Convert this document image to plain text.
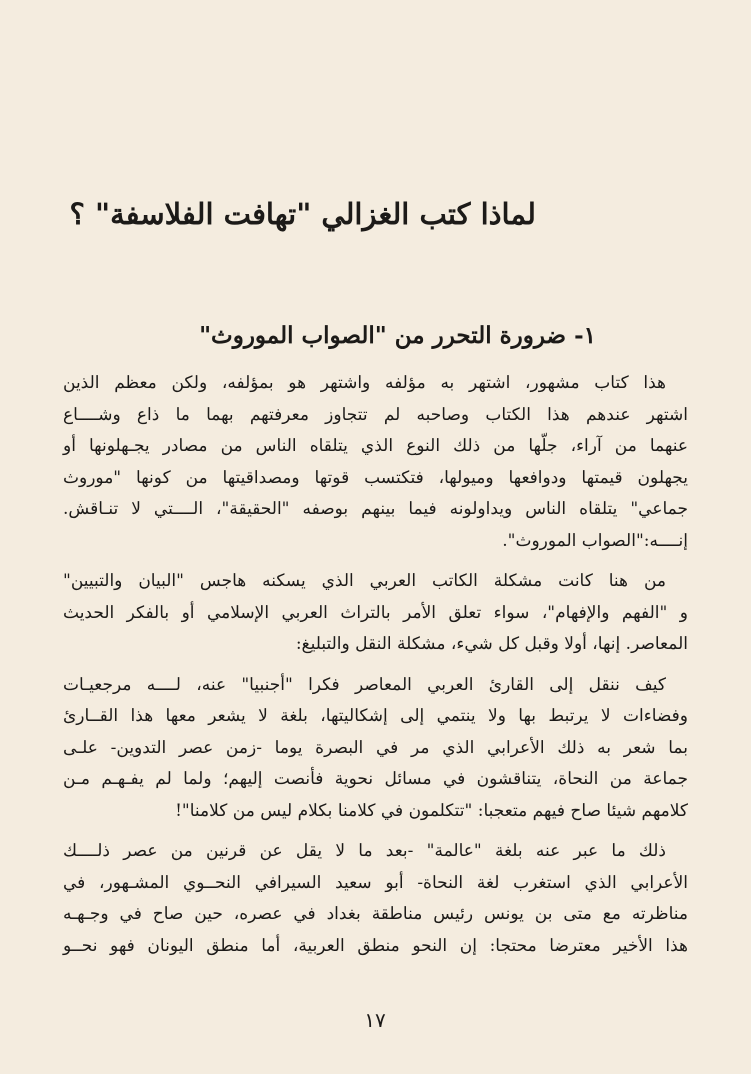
لماذا كتب الغزالي "تهافت الفلاسفة" ؟
١- ضرورة التحرر من "الصواب الموروث"
هذا كتاب مشهور، اشتهر به مؤلفه واشتهر هو بمؤلفه، ولكن معظم الذين
اشتهر عندهم هذا الكتاب وصاحبه لم تتجاوز معرفتهم بهما ما ذاع وشــــاع
عنهما من آراء، جلّها من ذلك النوع الذي يتلقاه الناس من مصادر يجـهلونها أو
يجهلون قيمتها ودوافعها وميولها، فتكتسب قوتها ومصداقيتها من كونها "موروث
جماعي" يتلقاه الناس ويداولونه فيما بينهم بوصفه "الحقيقة"، الــــتي لا تنـاقش.
إنــــه:"الصواب الموروث".
من هنا كانت مشكلة الكاتب العربي الذي يسكنه هاجس "البيان والتبيين"
و "الفهم والإفهام"، سواء تعلق الأمر بالتراث العربي الإسلامي أو بالفكر الحديث
المعاصر. إنها، أولا وقبل كل شيء، مشكلة النقل والتبليغ:
كيف ننقل إلى القارئ العربي المعاصر فكرا "أجنبيا" عنه، لــــه مرجعيـات
وفضاءات لا يرتبط بها ولا ينتمي إلى إشكاليتها، بلغة لا يشعر معها هذا القــارئ
بما شعر به ذلك الأعرابي الذي مر في البصرة يوما -زمن عصر التدوين- علـى
جماعة من النحاة، يتناقشون في مسائل نحوية فأنصت إليهم؛ ولما لم يفـهـم مـن
كلامهم شيئا صاح فيهم متعجبا: "تتكلمون في كلامنا بكلام ليس من كلامنا"!
ذلك ما عبر عنه بلغة "عالمة" -بعد ما لا يقل عن قرنين من عصر ذلــــك
الأعرابي الذي استغرب لغة النحاة- أبو سعيد السيرافي النحــوي المشـهور، في
مناظرته مع متى بن يونس رئيس مناطقة بغداد في عصره، حين صاح في وجـهـه
هذا الأخير معترضا محتجا: إن النحو منطق العربية، أما منطق اليونان فهو نحــو
١٧
